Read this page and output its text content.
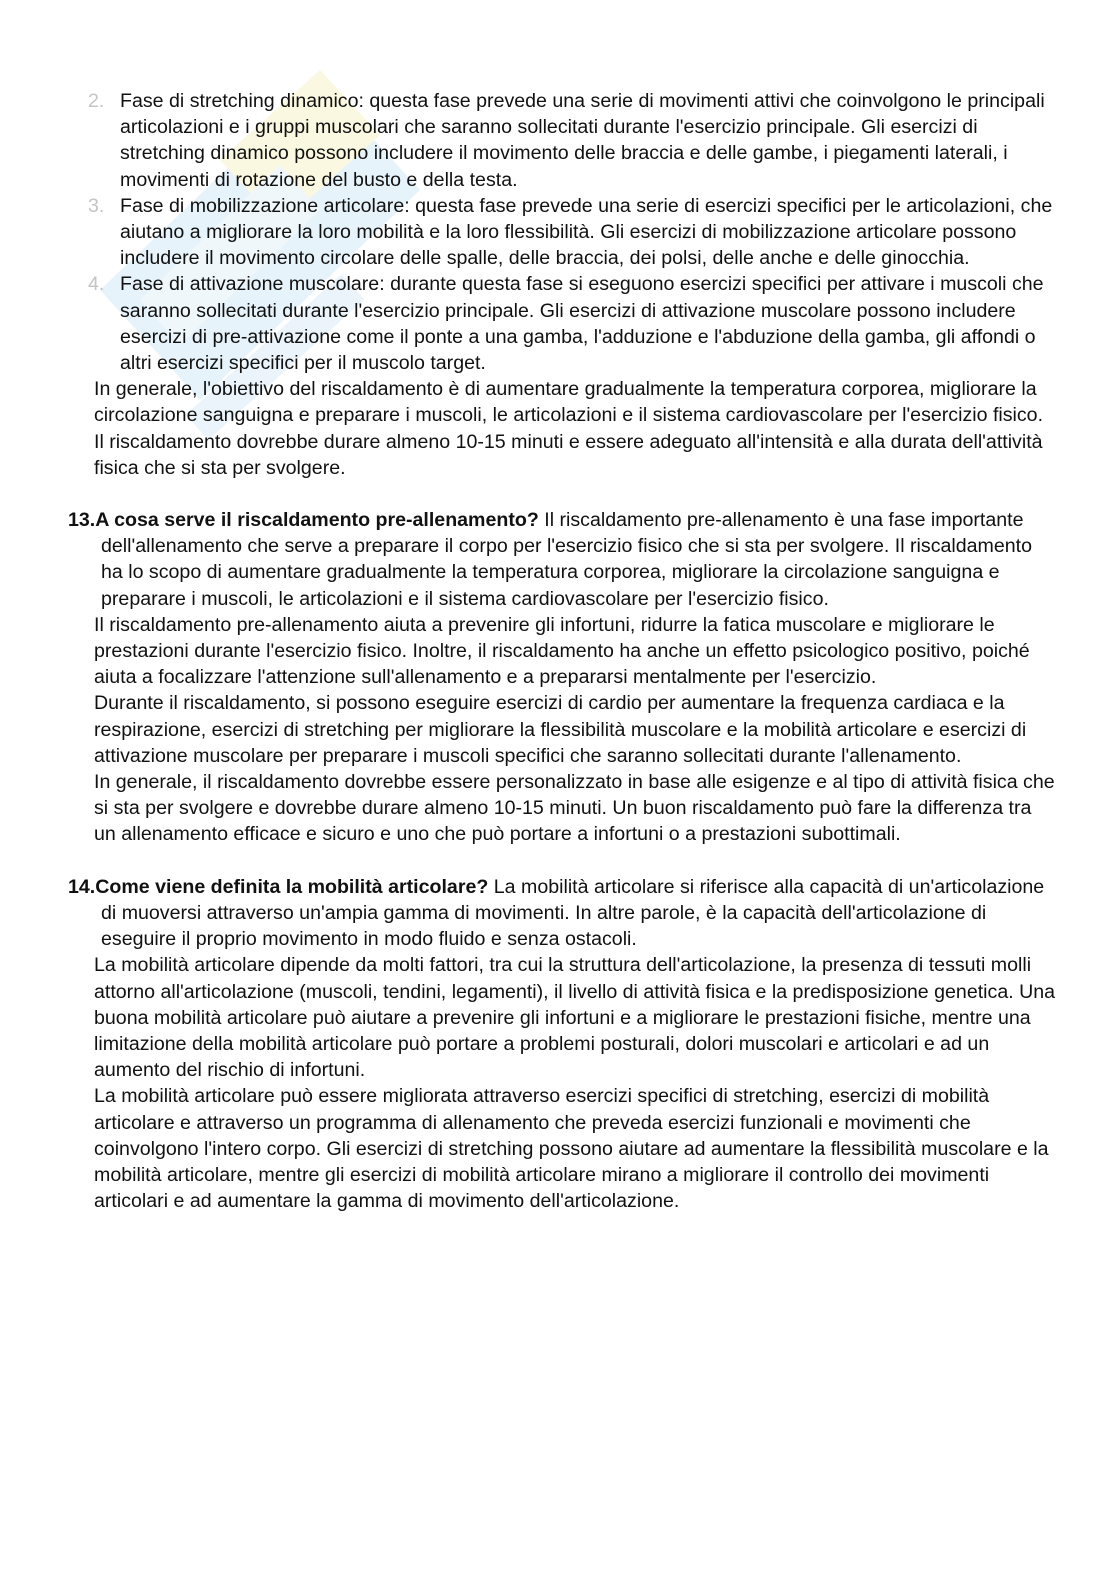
2. Fase di stretching dinamico: questa fase prevede una serie di movimenti attivi che coinvolgono le principali articolazioni e i gruppi muscolari che saranno sollecitati durante l'esercizio principale. Gli esercizi di stretching dinamico possono includere il movimento delle braccia e delle gambe, i piegamenti laterali, i movimenti di rotazione del busto e della testa.
3. Fase di mobilizzazione articolare: questa fase prevede una serie di esercizi specifici per le articolazioni, che aiutano a migliorare la loro mobilità e la loro flessibilità. Gli esercizi di mobilizzazione articolare possono includere il movimento circolare delle spalle, delle braccia, dei polsi, delle anche e delle ginocchia.
4. Fase di attivazione muscolare: durante questa fase si eseguono esercizi specifici per attivare i muscoli che saranno sollecitati durante l'esercizio principale. Gli esercizi di attivazione muscolare possono includere esercizi di pre-attivazione come il ponte a una gamba, l'adduzione e l'abduzione della gamba, gli affondi o altri esercizi specifici per il muscolo target.
In generale, l'obiettivo del riscaldamento è di aumentare gradualmente la temperatura corporea, migliorare la circolazione sanguigna e preparare i muscoli, le articolazioni e il sistema cardiovascolare per l'esercizio fisico. Il riscaldamento dovrebbe durare almeno 10-15 minuti e essere adeguato all'intensità e alla durata dell'attività fisica che si sta per svolgere.
13.A cosa serve il riscaldamento pre-allenamento? Il riscaldamento pre-allenamento è una fase importante dell'allenamento che serve a preparare il corpo per l'esercizio fisico che si sta per svolgere. Il riscaldamento ha lo scopo di aumentare gradualmente la temperatura corporea, migliorare la circolazione sanguigna e preparare i muscoli, le articolazioni e il sistema cardiovascolare per l'esercizio fisico.
Il riscaldamento pre-allenamento aiuta a prevenire gli infortuni, ridurre la fatica muscolare e migliorare le prestazioni durante l'esercizio fisico. Inoltre, il riscaldamento ha anche un effetto psicologico positivo, poiché aiuta a focalizzare l'attenzione sull'allenamento e a prepararsi mentalmente per l'esercizio.
Durante il riscaldamento, si possono eseguire esercizi di cardio per aumentare la frequenza cardiaca e la respirazione, esercizi di stretching per migliorare la flessibilità muscolare e la mobilità articolare e esercizi di attivazione muscolare per preparare i muscoli specifici che saranno sollecitati durante l'allenamento.
In generale, il riscaldamento dovrebbe essere personalizzato in base alle esigenze e al tipo di attività fisica che si sta per svolgere e dovrebbe durare almeno 10-15 minuti. Un buon riscaldamento può fare la differenza tra un allenamento efficace e sicuro e uno che può portare a infortuni o a prestazioni subottimali.
14.Come viene definita la mobilità articolare? La mobilità articolare si riferisce alla capacità di un'articolazione di muoversi attraverso un'ampia gamma di movimenti. In altre parole, è la capacità dell'articolazione di eseguire il proprio movimento in modo fluido e senza ostacoli.
La mobilità articolare dipende da molti fattori, tra cui la struttura dell'articolazione, la presenza di tessuti molli attorno all'articolazione (muscoli, tendini, legamenti), il livello di attività fisica e la predisposizione genetica. Una buona mobilità articolare può aiutare a prevenire gli infortuni e a migliorare le prestazioni fisiche, mentre una limitazione della mobilità articolare può portare a problemi posturali, dolori muscolari e articolari e ad un aumento del rischio di infortuni.
La mobilità articolare può essere migliorata attraverso esercizi specifici di stretching, esercizi di mobilità articolare e attraverso un programma di allenamento che preveda esercizi funzionali e movimenti che coinvolgono l'intero corpo. Gli esercizi di stretching possono aiutare ad aumentare la flessibilità muscolare e la mobilità articolare, mentre gli esercizi di mobilità articolare mirano a migliorare il controllo dei movimenti articolari e ad aumentare la gamma di movimento dell'articolazione.
